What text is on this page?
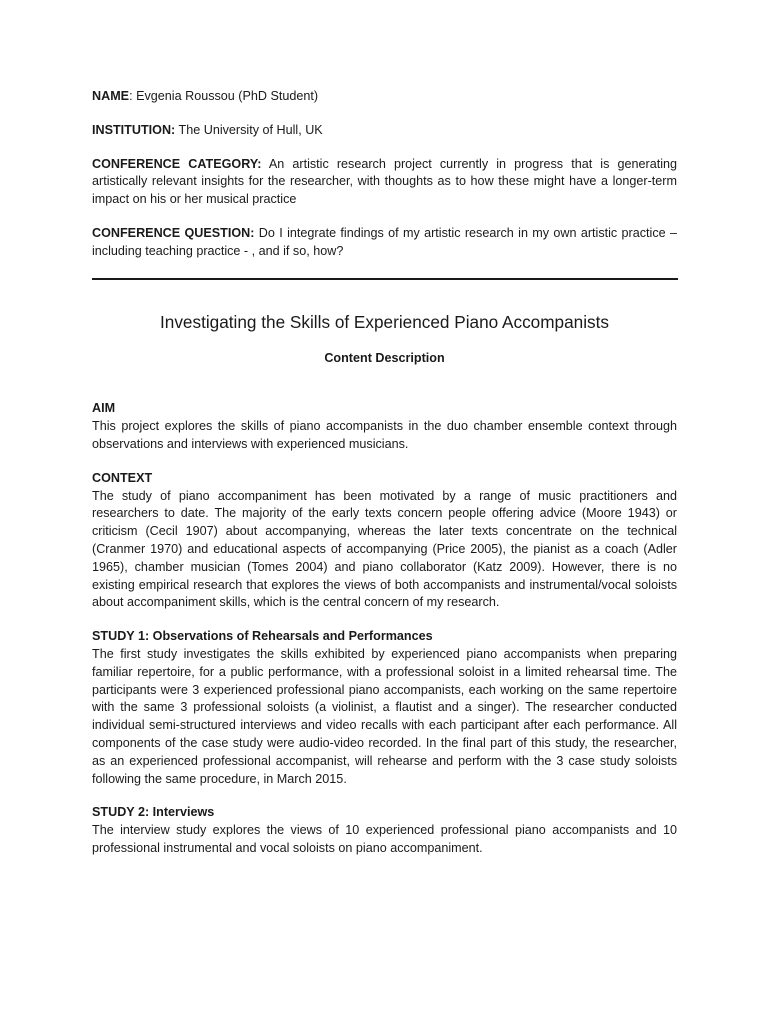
NAME: Evgenia Roussou (PhD Student)

INSTITUTION: The University of Hull, UK

CONFERENCE CATEGORY: An artistic research project currently in progress that is generating artistically relevant insights for the researcher, with thoughts as to how these might have a longer-term impact on his or her musical practice

CONFERENCE QUESTION: Do I integrate findings of my artistic research in my own artistic practice – including teaching practice - , and if so, how?

Investigating the Skills of Experienced Piano Accompanists
Content Description
AIM

This project explores the skills of piano accompanists in the duo chamber ensemble context through observations and interviews with experienced musicians.

CONTEXT

The study of piano accompaniment has been motivated by a range of music practitioners and researchers to date. The majority of the early texts concern people offering advice (Moore 1943) or criticism (Cecil 1907) about accompanying, whereas the later texts concentrate on the technical (Cranmer 1970) and educational aspects of accompanying (Price 2005), the pianist as a coach (Adler 1965), chamber musician (Tomes 2004) and piano collaborator (Katz 2009). However, there is no existing empirical research that explores the views of both accompanists and instrumental/vocal soloists about accompaniment skills, which is the central concern of my research.

STUDY 1: Observations of Rehearsals and Performances

The first study investigates the skills exhibited by experienced piano accompanists when preparing familiar repertoire, for a public performance, with a professional soloist in a limited rehearsal time. The participants were 3 experienced professional piano accompanists, each working on the same repertoire with the same 3 professional soloists (a violinist, a flautist and a singer). The researcher conducted individual semi-structured interviews and video recalls with each participant after each performance. All components of the case study were audio-video recorded. In the final part of this study, the researcher, as an experienced professional accompanist, will rehearse and perform with the 3 case study soloists following the same procedure, in March 2015.

STUDY 2: Interviews

The interview study explores the views of 10 experienced professional piano accompanists and 10 professional instrumental and vocal soloists on piano accompaniment.
